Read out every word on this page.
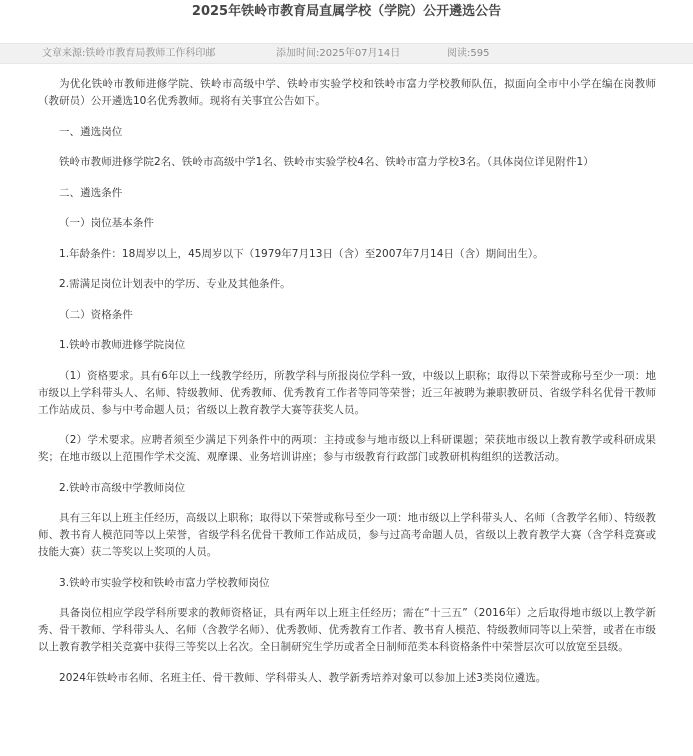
2025年铁岭市教育局直属学校（学院）公开遴选公告
文章来源:铁岭市教育局教师工作科印邮	添加时间:2025年07月14日	阅读:595

为优化铁岭市教师进修学院、铁岭市高级中学、铁岭市实验学校和铁岭市富力学校教师队伍，拟面向全市中小学在编在岗教师（教研员）公开遴选10名优秀教师。现将有关事宜公告如下。

一、遴选岗位

铁岭市教师进修学院2名、铁岭市高级中学1名、铁岭市实验学校4名、铁岭市富力学校3名。（具体岗位详见附件1）

二、遴选条件

（一）岗位基本条件

1.年龄条件：18周岁以上，45周岁以下（1979年7月13日（含）至2007年7月14日（含）期间出生）。

2.需满足岗位计划表中的学历、专业及其他条件。

（二）资格条件

1.铁岭市教师进修学院岗位

（1）资格要求。具有6年以上一线教学经历，所教学科与所报岗位学科一致，中级以上职称；取得以下荣誉或称号至少一项：地市级以上学科带头人、名师、特级教师、优秀教师、优秀教育工作者等同等荣誉；近三年被聘为兼职教研员、省级学科名优骨干教师工作站成员、参与中考命题人员；省级以上教育教学大赛等获奖人员。

（2）学术要求。应聘者须至少满足下列条件中的两项：主持或参与地市级以上科研课题；荣获地市级以上教育教学或科研成果奖；在地市级以上范围作学术交流、观摩课、业务培训讲座；参与市级教育行政部门或教研机构组织的送教活动。

2.铁岭市高级中学教师岗位

具有三年以上班主任经历，高级以上职称；取得以下荣誉或称号至少一项：地市级以上学科带头人、名师（含教学名师）、特级教师、教书育人模范同等以上荣誉，省级学科名优骨干教师工作站成员，参与过高考命题人员，省级以上教育教学大赛（含学科竞赛或技能大赛）获二等奖以上奖项的人员。

3.铁岭市实验学校和铁岭市富力学校教师岗位

具备岗位相应学段学科所要求的教师资格证，具有两年以上班主任经历；需在“十三五”（2016年）之后取得地市级以上教学新秀、骨干教师、学科带头人、名师（含教学名师）、优秀教师、优秀教育工作者、教书育人模范、特级教师同等以上荣誉，或者在市级以上教育教学相关竞赛中获得三等奖以上名次。全日制研究生学历或者全日制师范类本科资格条件中荣誉层次可以放宽至县级。

2024年铁岭市名师、名班主任、骨干教师、学科带头人、教学新秀培养对象可以参加上述3类岗位遴选。
